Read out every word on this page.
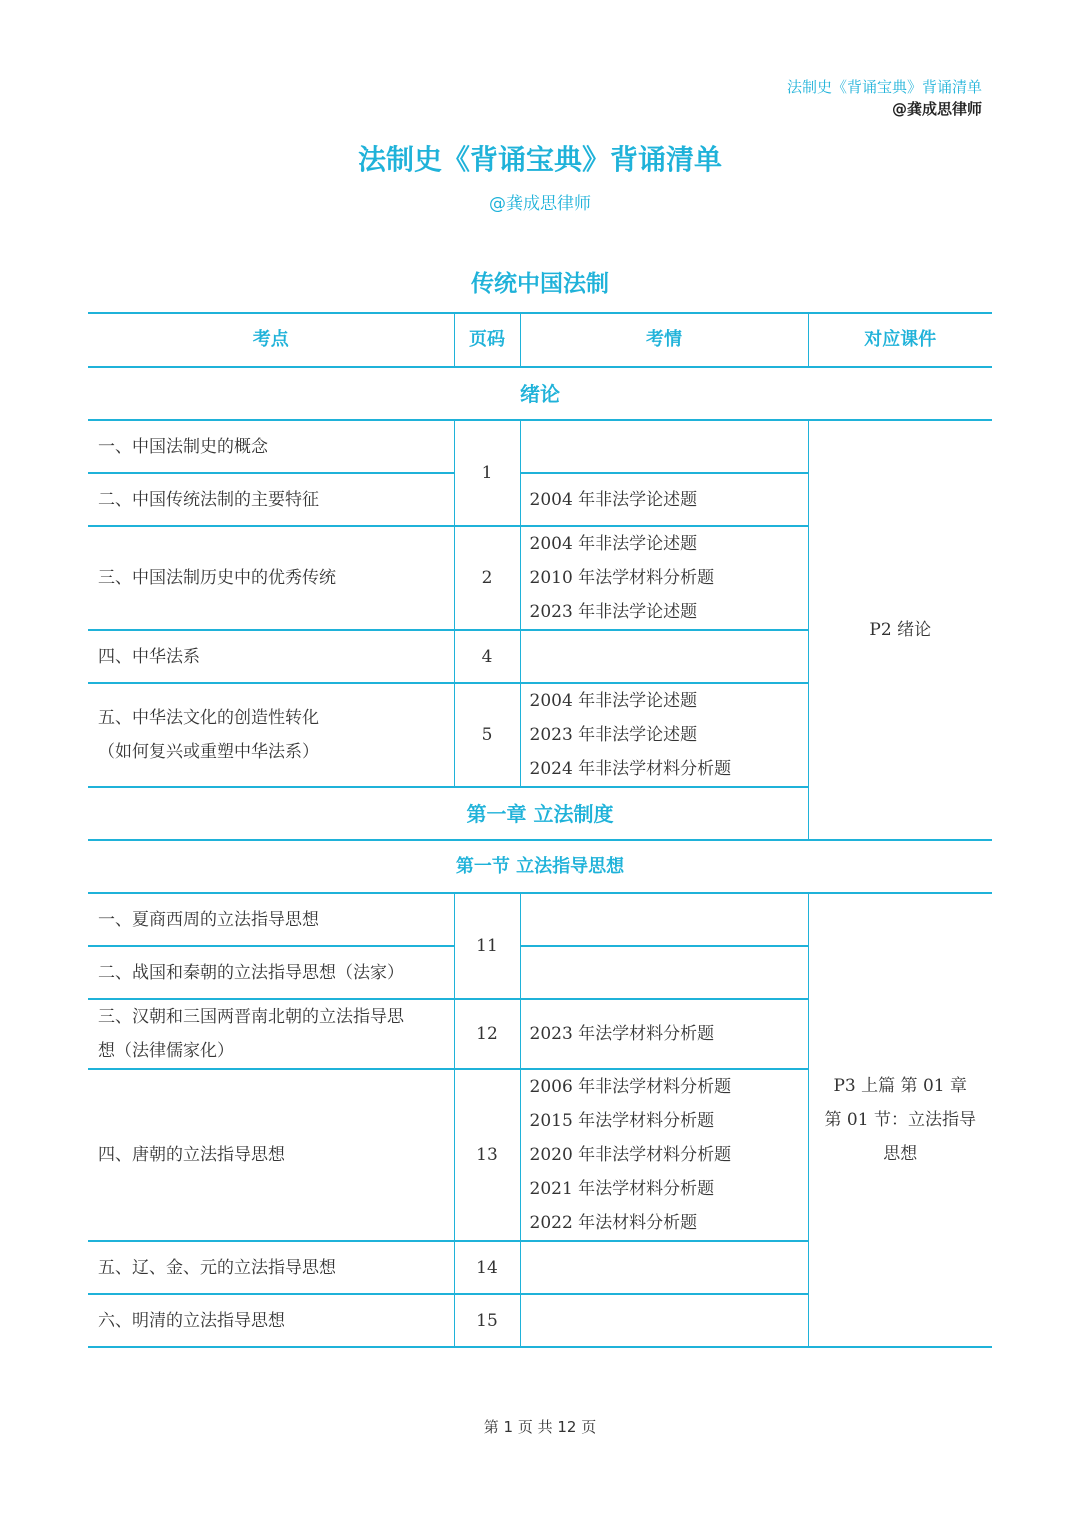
法制史《背诵宝典》背诵清单
@龚成思律师
法制史《背诵宝典》背诵清单
@龚成思律师
传统中国法制
考点	页码	考情	对应课件
绪论			

一、中国法制史的概念	1		P2 绪论

二、中国传统法制的主要特征		2004 年非法学论述题	

三、中国法制历史中的优秀传统	2	2004 年非法学论述题
2010 年法学材料分析题
2023 年非法学论述题	

四、中华法系	4		

五、中华法文化的创造性转化
（如何复兴或重塑中华法系）	5	2004 年非法学论述题
2023 年非法学论述题
2024 年非法学材料分析题	

第一章 立法制度			
第一节 立法指导思想			

一、夏商西周的立法指导思想	11		P3 上篇 第 01 章
第 01 节：立法指导
思想

二、战国和秦朝的立法指导思想（法家）			

三、汉朝和三国两晋南北朝的立法指导思
想（法律儒家化）	12	2023 年法学材料分析题	

四、唐朝的立法指导思想	13	2006 年非法学材料分析题
2015 年法学材料分析题
2020 年非法学材料分析题
2021 年法学材料分析题
2022 年法材料分析题	

五、辽、金、元的立法指导思想	14		

六、明清的立法指导思想	15		
第 1 页 共 12 页
